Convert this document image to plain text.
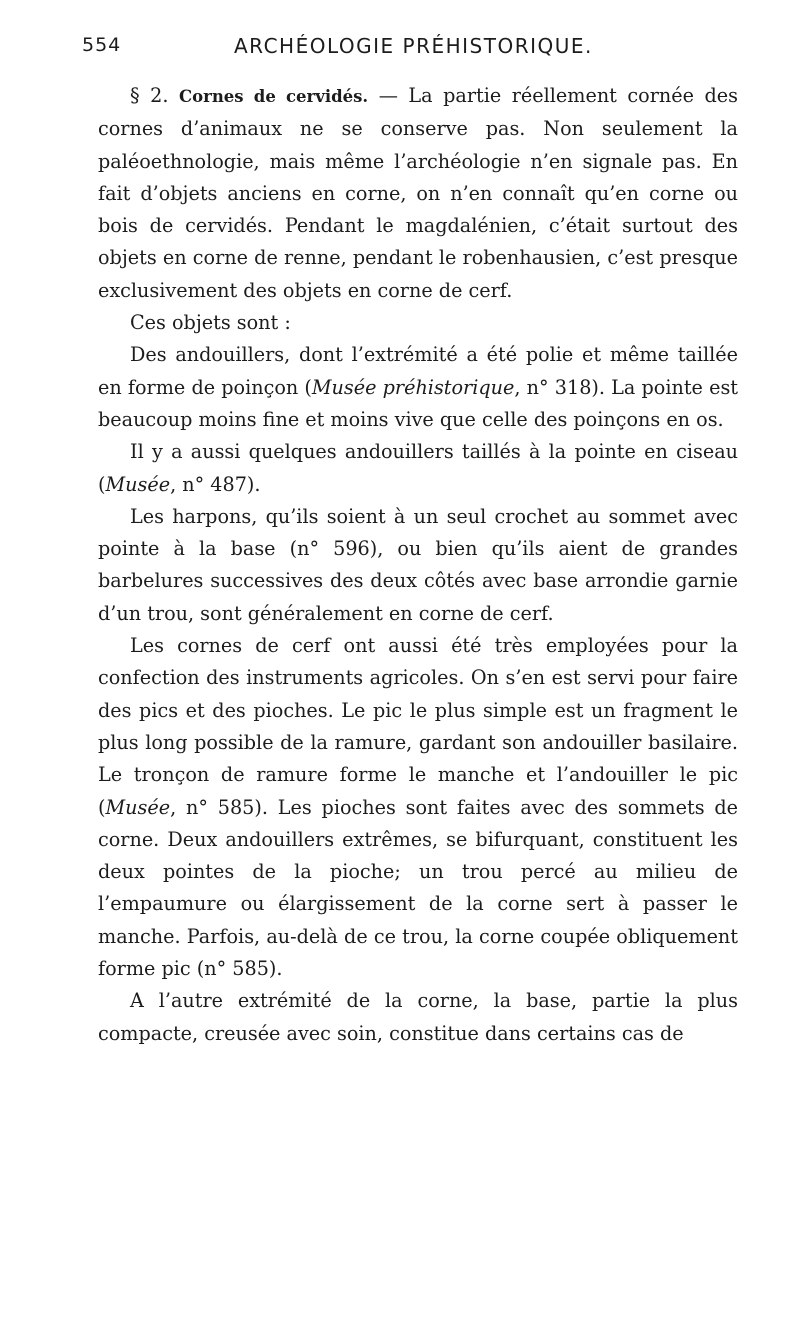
554	ARCHÉOLOGIE PRÉHISTORIQUE.

§ 2. Cornes de cervidés. — La partie réellement cornée des cornes d’animaux ne se conserve pas. Non seulement la paléoethnologie, mais même l’archéologie n’en signale pas. En fait d’objets anciens en corne, on n’en connaît qu’en corne ou bois de cervidés. Pendant le magdalénien, c’était surtout des objets en corne de renne, pendant le robenhausien, c’est presque exclusivement des objets en corne de cerf.

Ces objets sont :

Des andouillers, dont l’extrémité a été polie et même taillée en forme de poinçon (Musée préhistorique, n° 318). La pointe est beaucoup moins fine et moins vive que celle des poinçons en os.

Il y a aussi quelques andouillers taillés à la pointe en ciseau (Musée, n° 487).

Les harpons, qu’ils soient à un seul crochet au sommet avec pointe à la base (n° 596), ou bien qu’ils aient de grandes barbelures successives des deux côtés avec base arrondie garnie d’un trou, sont généralement en corne de cerf.

Les cornes de cerf ont aussi été très employées pour la confection des instruments agricoles. On s’en est servi pour faire des pics et des pioches. Le pic le plus simple est un fragment le plus long possible de la ramure, gardant son andouiller basilaire. Le tronçon de ramure forme le manche et l’andouiller le pic (Musée, n° 585). Les pioches sont faites avec des sommets de corne. Deux andouillers extrêmes, se bifurquant, constituent les deux pointes de la pioche; un trou percé au milieu de l’empaumure ou élargissement de la corne sert à passer le manche. Parfois, au-delà de ce trou, la corne coupée obliquement forme pic (n° 585).

A l’autre extrémité de la corne, la base, partie la plus compacte, creusée avec soin, constitue dans certains cas de
